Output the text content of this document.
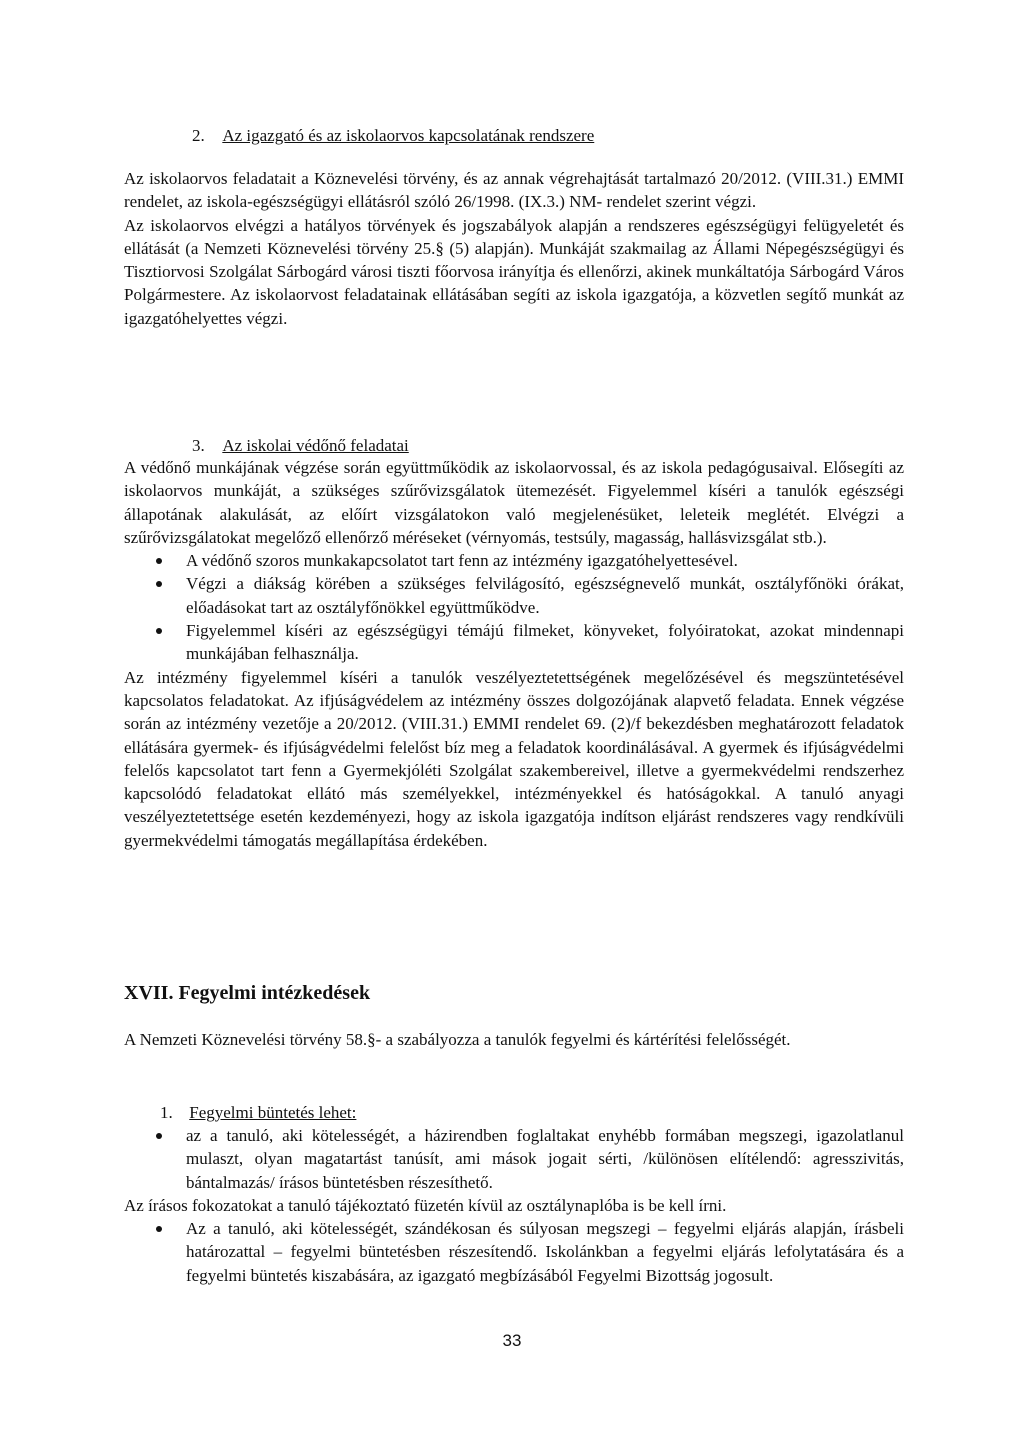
2. Az igazgató és az iskolaorvos kapcsolatának rendszere

Az iskolaorvos feladatait a Köznevelési törvény, és az annak végrehajtását tartalmazó 20/2012. (VIII.31.) EMMI rendelet, az iskola-egészségügyi ellátásról szóló 26/1998. (IX.3.) NM- rendelet szerint végzi.

Az iskolaorvos elvégzi a hatályos törvények és jogszabályok alapján a rendszeres egészségügyi felügyeletét és ellátását (a Nemzeti Köznevelési törvény 25.§ (5) alapján). Munkáját szakmailag az Állami Népegészségügyi és Tisztiorvosi Szolgálat Sárbogárd városi tiszti főorvosa irányítja és ellenőrzi, akinek munkáltatója Sárbogárd Város Polgármestere. Az iskolaorvost feladatainak ellátásában segíti az iskola igazgatója, a közvetlen segítő munkát az igazgatóhelyettes végzi.

3. Az iskolai védőnő feladatai

A védőnő munkájának végzése során együttműködik az iskolaorvossal, és az iskola pedagógusaival. Elősegíti az iskolaorvos munkáját, a szükséges szűrővizsgálatok ütemezését. Figyelemmel kíséri a tanulók egészségi állapotának alakulását, az előírt vizsgálatokon való megjelenésüket, leleteik meglétét. Elvégzi a szűrővizsgálatokat megelőző ellenőrző méréseket (vérnyomás, testsúly, magasság, hallásvizsgálat stb.).

A védőnő szoros munkakapcsolatot tart fenn az intézmény igazgatóhelyettesével.
Végzi a diákság körében a szükséges felvilágosító, egészségnevelő munkát, osztályfőnöki órákat, előadásokat tart az osztályfőnökkel együttműködve.
Figyelemmel kíséri az egészségügyi témájú filmeket, könyveket, folyóiratokat, azokat mindennapi munkájában felhasználja.

Az intézmény figyelemmel kíséri a tanulók veszélyeztetettségének megelőzésével és megszüntetésével kapcsolatos feladatokat. Az ifjúságvédelem az intézmény összes dolgozójának alapvető feladata. Ennek végzése során az intézmény vezetője a 20/2012. (VIII.31.) EMMI rendelet 69. (2)/f bekezdésben meghatározott feladatok ellátására gyermek- és ifjúságvédelmi felelőst bíz meg a feladatok koordinálásával. A gyermek és ifjúságvédelmi felelős kapcsolatot tart fenn a Gyermekjóléti Szolgálat szakembereivel, illetve a gyermekvédelmi rendszerhez kapcsolódó feladatokat ellátó más személyekkel, intézményekkel és hatóságokkal. A tanuló anyagi veszélyeztetettsége esetén kezdeményezi, hogy az iskola igazgatója indítson eljárást rendszeres vagy rendkívüli gyermekvédelmi támogatás megállapítása érdekében.

XVII. Fegyelmi intézkedések

A Nemzeti Köznevelési törvény 58.§- a szabályozza a tanulók fegyelmi és kártérítési felelősségét.

1. Fegyelmi büntetés lehet:
az a tanuló, aki kötelességét, a házirendben foglaltakat enyhébb formában megszegi, igazolatlanul mulaszt, olyan magatartást tanúsít, ami mások jogait sérti, /különösen elítélendő: agresszivitás, bántalmazás/ írásos büntetésben részesíthető.

Az írásos fokozatokat a tanuló tájékoztató füzetén kívül az osztálynaplóba is be kell írni.

Az a tanuló, aki kötelességét, szándékosan és súlyosan megszegi – fegyelmi eljárás alapján, írásbeli határozattal – fegyelmi büntetésben részesítendő. Iskolánkban a fegyelmi eljárás lefolytatására és a fegyelmi büntetés kiszabására, az igazgató megbízásából Fegyelmi Bizottság jogosult.
33
